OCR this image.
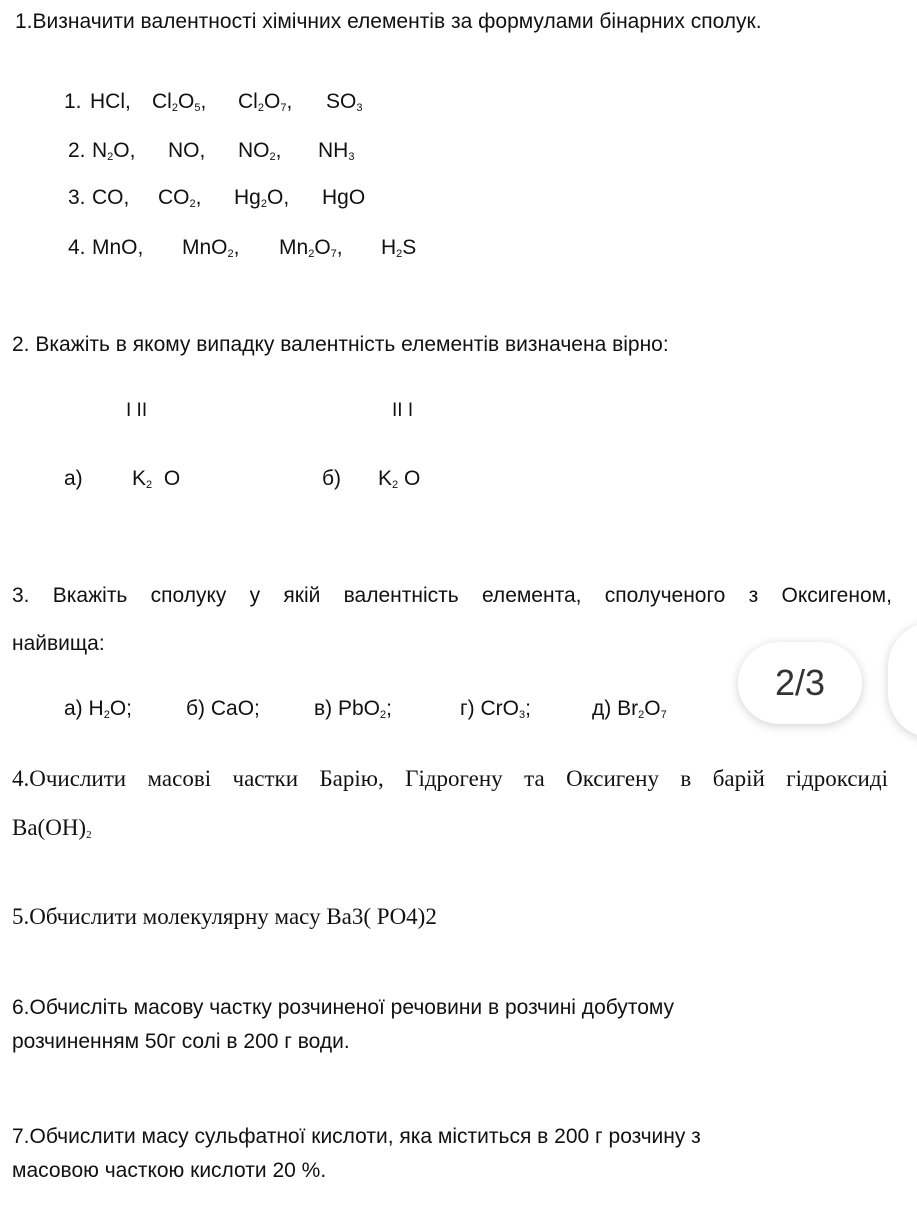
1.Визначити валентності хімічних елементів за формулами бінарних сполук.
1. HCl, $Cl_2O_5$, $Cl_2O_7$, $SO_3$
2. $N_2O$, NO, $NO_2$, $NH_3$
3. CO, $CO_2$, $Hg_2O$, HgO
4. MnO, MnO$_2$, $Mn_2O_7$, $H_2S$
2. Вкажіть в якому випадку валентність елементів визначена вірно:
I II	II I
а) $K_2$ O	б) $K_2$ O
3. Вкажіть сполуку у якій валентність елемента, сполученого з Оксигеном,
найвища:
а) $H_2O$;	б) CaO;	в) PbO$_2$;	г) CrO$_3$;	д) $Br_2O_7$
2/3
4.Очислити масові частки Барію, Гідрогену та Оксигену в барій гідроксиді
$Ba(OH)_2$
5.Обчислити молекулярну масу Ba3( PO4)2
6.Обчисліть масову частку розчиненої речовини в розчині добутому
розчиненням 50г солі в 200 г води.
7.Обчислити масу сульфатної кислоти, яка міститься в 200 г розчину з
масовою часткою кислоти 20 %.
